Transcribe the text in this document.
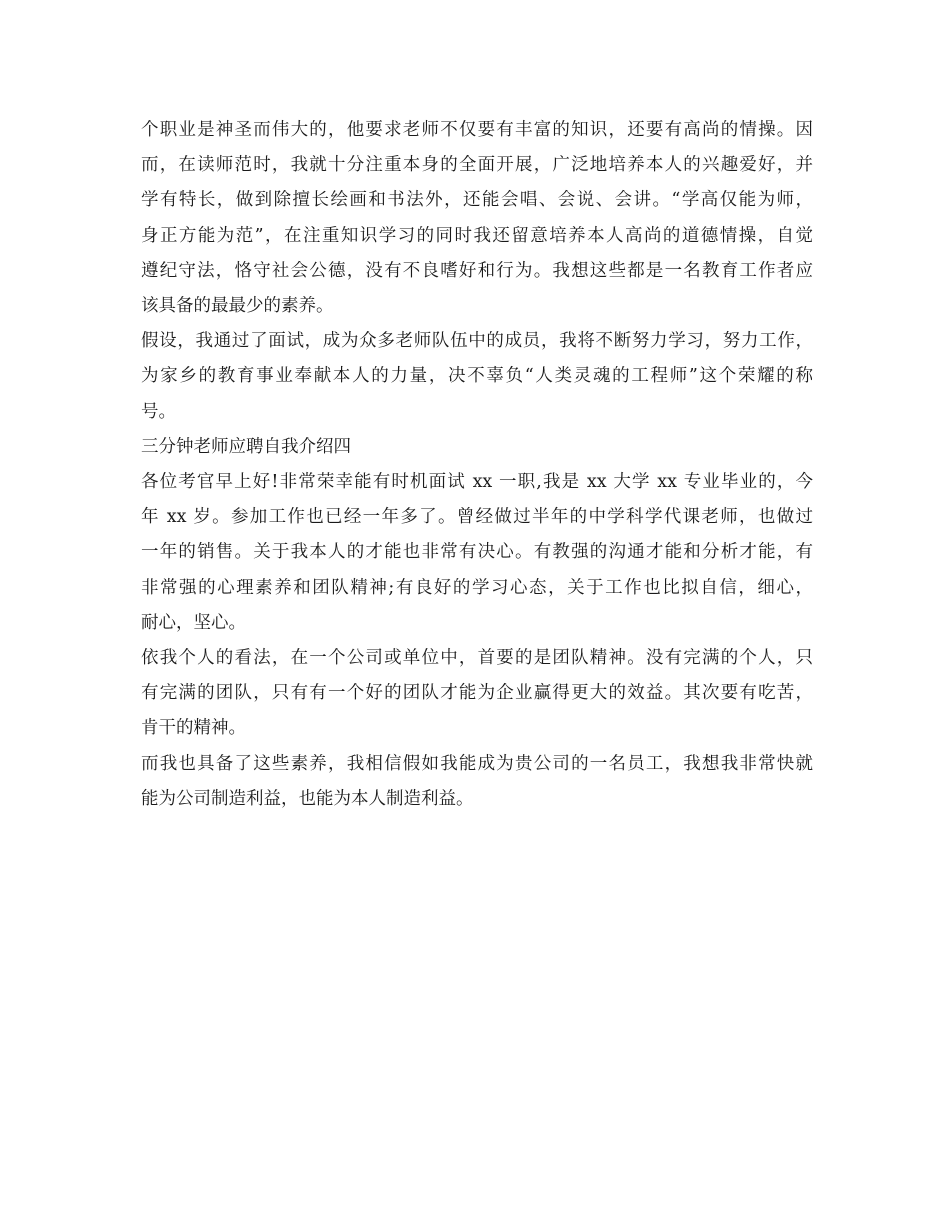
个职业是神圣而伟大的，他要求老师不仅要有丰富的知识，还要有高尚的情操。因
而，在读师范时，我就十分注重本身的全面开展，广泛地培养本人的兴趣爱好，并
学有特长，做到除擅长绘画和书法外，还能会唱、会说、会讲。“学高仅能为师，
身正方能为范”，在注重知识学习的同时我还留意培养本人高尚的道德情操，自觉
遵纪守法，恪守社会公德，没有不良嗜好和行为。我想这些都是一名教育工作者应
该具备的最最少的素养。
假设，我通过了面试，成为众多老师队伍中的成员，我将不断努力学习，努力工作，
为家乡的教育事业奉献本人的力量，决不辜负“人类灵魂的工程师”这个荣耀的称
号。
三分钟老师应聘自我介绍四
各位考官早上好!非常荣幸能有时机面试 xx 一职,我是 xx 大学 xx 专业毕业的，今
年 xx 岁。参加工作也已经一年多了。曾经做过半年的中学科学代课老师，也做过
一年的销售。关于我本人的才能也非常有决心。有教强的沟通才能和分析才能，有
非常强的心理素养和团队精神;有良好的学习心态，关于工作也比拟自信，细心，
耐心，坚心。
依我个人的看法，在一个公司或单位中，首要的是团队精神。没有完满的个人，只
有完满的团队，只有有一个好的团队才能为企业赢得更大的效益。其次要有吃苦，
肯干的精神。
而我也具备了这些素养，我相信假如我能成为贵公司的一名员工，我想我非常快就
能为公司制造利益，也能为本人制造利益。
